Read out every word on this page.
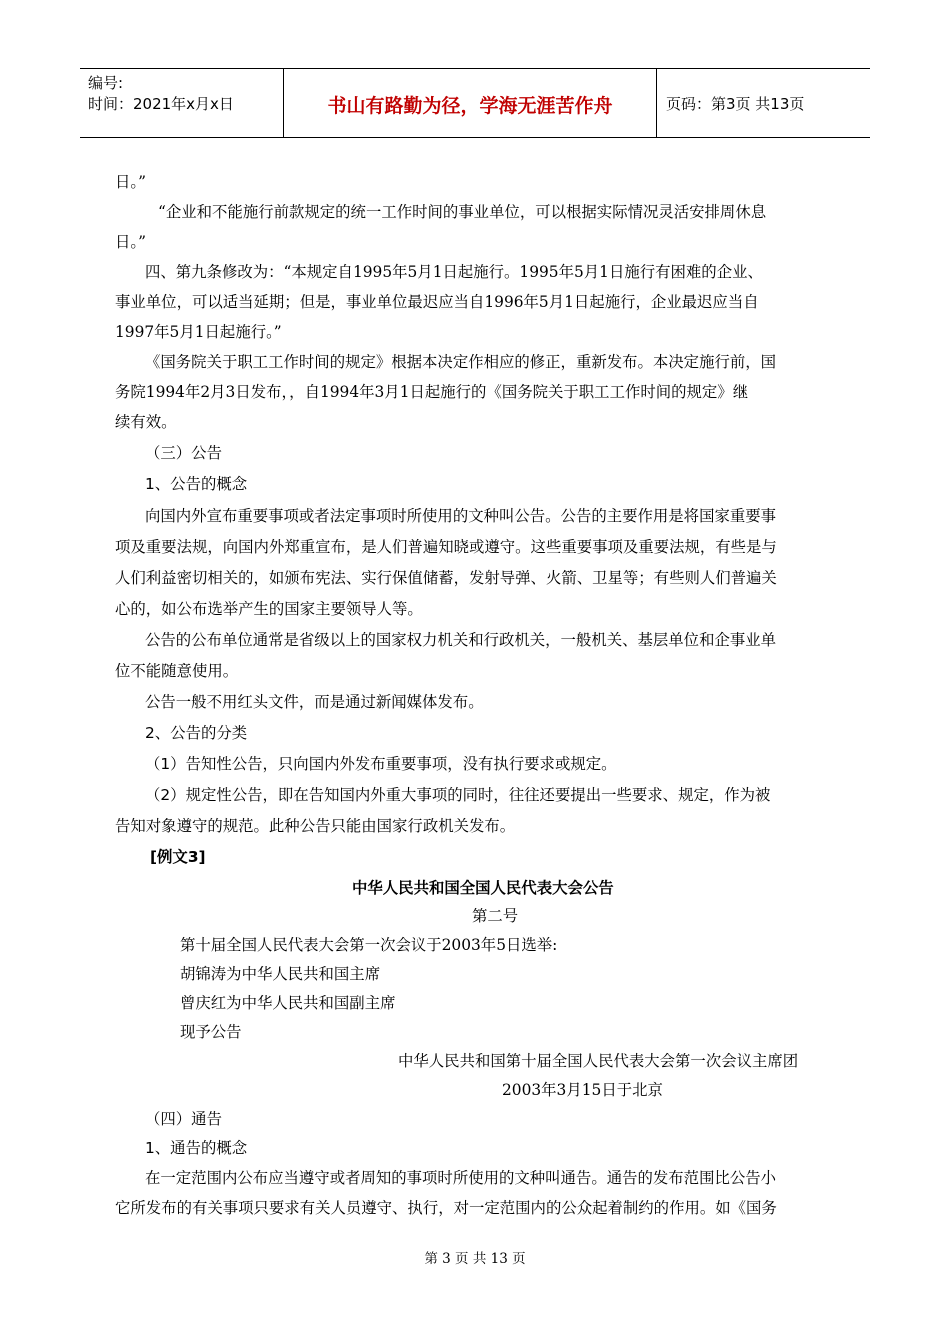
编号:
时间：2021年x月x日	书山有路勤为径，学海无涯苦作舟	页码：第3页 共13页
日。”
“企业和不能施行前款规定的统一工作时间的事业单位，可以根据实际情况灵活安排周休息
日。”
四、第九条修改为：“本规定自1995年5月1日起施行。1995年5月1日施行有困难的企业、
事业单位，可以适当延期；但是，事业单位最迟应当自1996年5月1日起施行，企业最迟应当自
1997年5月1日起施行。”
《国务院关于职工工作时间的规定》根据本决定作相应的修正，重新发布。本决定施行前，国
务院1994年2月3日发布，，自1994年3月1日起施行的《国务院关于职工工作时间的规定》继
续有效。
（三）公告
1、公告的概念
向国内外宣布重要事项或者法定事项时所使用的文种叫公告。公告的主要作用是将国家重要事
项及重要法规，向国内外郑重宣布，是人们普遍知晓或遵守。这些重要事项及重要法规，有些是与
人们利益密切相关的，如颁布宪法、实行保值储蓄，发射导弹、火箭、卫星等；有些则人们普遍关
心的，如公布选举产生的国家主要领导人等。
公告的公布单位通常是省级以上的国家权力机关和行政机关，一般机关、基层单位和企事业单
位不能随意使用。
公告一般不用红头文件，而是通过新闻媒体发布。
2、公告的分类
（1）告知性公告，只向国内外发布重要事项，没有执行要求或规定。
（2）规定性公告，即在告知国内外重大事项的同时，往往还要提出一些要求、规定，作为被
告知对象遵守的规范。此种公告只能由国家行政机关发布。
[例文3]
中华人民共和国全国人民代表大会公告
第二号
第十届全国人民代表大会第一次会议于2003年5日选举:
胡锦涛为中华人民共和国主席
曾庆红为中华人民共和国副主席
现予公告
中华人民共和国第十届全国人民代表大会第一次会议主席团
2003年3月15日于北京
（四）通告
1、通告的概念
在一定范围内公布应当遵守或者周知的事项时所使用的文种叫通告。通告的发布范围比公告小
它所发布的有关事项只要求有关人员遵守、执行，对一定范围内的公众起着制约的作用。如《国务
第 3 页 共 13 页
